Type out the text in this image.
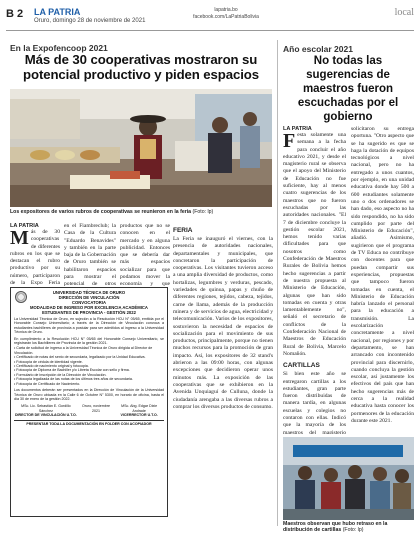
B 2 LA PATRIA
Oruro, domingo 28 de noviembre de 2021
lapatria.bo
facebook.com/LaPatriaBolivia	local
En la Expofencoop 2021
Más de 30 cooperativas mostraron su potencial productivo y piden espacios
Los expositores de varios rubros de cooperativas se reunieron en la feria (Foto: lp)
LA PATRIA
M ás de 30 cooperativas de diferentes rubros en los que se destacan el rubro productivo por su número, participaron de la Expo Feria
en el Fiambreclub; la Casa de la Cultura "Eduardo Benavides" y también en la parte baja de la Gobernación de Oruro también se habilitaron espacios para mostrar el potencial de otros
productos que no se conocen en el mercado y en alguna publicidad. Entonces que se debería dar más espacios socializar para que podamos mover la economía y que
FERIA
La Feria se inauguró el viernes, con la presencia de autoridades nacionales, departamentales y municipales, que concretaron la participación de cooperativas. Los visitantes tuvieron acceso a una amplia diversidad de productos, como hortalizas, legumbres y verduras, pescado, variedades de quinua, papas y chuño de diferentes regiones, tejidos, cabeza, tejidos, carne de llama, además de la producción minera y de servicios de agua, electricidad y telecomunicación. Varios de los expositores, sostuvieron la necesidad de espacios de socialización para el movimiento de sus productos, principalmente, porque no tienen muchos recursos para la promoción de gran impacto. Así, los expositores de 32 stand's abrieron a las 09:00 horas, con algunas excepciones que decidieron operar unos minutos más. La exposición de las cooperativas que se exhibieron en la Avenida Unquiaguí de Culluna, donde la ciudadanía arengaba a las diversas rubros a comprar los diversos productos de consumo.
UNIVERSIDAD TÉCNICA DE ORURO
DIRECCIÓN DE VINCULACIÓN
CONVOCATORIA
MODALIDAD DE INGRESO POR EXCELENCIA ACADÉMICA
ESTUDIANTES DE PROVINCIA - GESTIÓN 2022
La Universidad Técnica de Oruro, en sujeción a la Resolución HCU N° 05/65, emitida por el Honorable Consejo Universitario; a través de la Dirección de Vinculación convoca a estudiantes bachilleres de provincia a postular para ser admitidos al ingreso a la Universidad Técnica de Oruro.
En cumplimiento a la Resolución HCU N° 05/65 del Honorable Consejo Universitario, se registrarán los Bachilleres de Provincia de la gestión 2021.
• Carta de solicitud de ingreso a la Universidad Técnica de Oruro dirigida al Director de Vinculación.
• Certificado de notas del sexto de secundaria, legalizado por la Unidad Educativa.
• Fotocopia de cédula de identidad vigente.
• Certificado de nacimiento original y fotocopia.
• Fotocopia de Diploma de Bachiller y/o Libreta Escolar con sello y firma.
• Formulario de inscripción de la Dirección de Vinculación.
• Fotocopia legalizada de las notas de los últimos tres años de secundaria.
• Fotocopia de Certificado de Nacimiento.
Los documentos deberán ser presentados en la Dirección de Vinculación de la Universidad Técnica de Oruro ubicada en la Calle 6 de Octubre N° 5300, en horario de oficina, hasta el día 30 de enero de la gestión 2022.
MSc. Lic. Sebastián E. Gordillo Sánchez
DIRECTOR DE VINCULACIÓN U.T.O.
Oruro, noviembre 2021
MSc. Abg. Edgar Dixie Andrade
VICERRECTOR U.T.O.
PRESENTAR TODA LA DOCUMENTACIÓN EN FOLDER CON ACOPIADOR
Año escolar 2021
No todas las sugerencias de maestros fueron escuchadas por el gobierno
LA PATRIA
F esta solamente una semana a la fecha para concluir el año educativo 2021, y desde el magisterio rural se observa que el apoyo del Ministerio de Educación no fue suficiente, hay al menos cuatro sugerencias de los maestros que no fueron escuchadas por las autoridades nacionales. "El 7 de diciembre concluye la gestión escolar 2021, hemos tenido varias dificultades para que nosotros como Confederación de Maestros Rurales de Bolivia hemos hecho sugerencias a partir de nuestra propuesta al Ministerio de Educación, algunas que han sido tomadas en cuenta y otras lamentablemente no", señaló el secretario de conflictos de la Confederación Nacional de Maestros de Educación Rural de Bolivia, Marcelo Nomañón.
CARTILLAS
Si bien este año se entregaron cartillas a los estudiantes, gran parte fueron distribuidas de manera tardía, en algunas escuelas y colegios no contaron con ellas. Indicó que la mayoría de los maestros del magisterio
solicitaron su entrega oportuna. "Otro aspecto que se ha sugerido es que se haga la dotación de equipos tecnológicos a nivel nacional, pero no ha entregado a unos cuantos, por ejemplo, en una unidad educativa donde hay 500 a 600 estudiantes solamente uno o dos ordenadores se han dado, eso aspecto no ha sido respondido, no ha sido cumplido por parte del Ministerio de Educación", añadió. Asimismo, sugirieron que el programa de TV Educa no contribuye con docentes para que puedan compartir sus experiencias, propuestas que tampoco fueron tomadas en cuenta, el Ministerio de Educación habría lanzado el personal para la educación a transmisión. La escolarización concretamente a nivel nacional, por regiones y por departamento, se han arrancado con incontenido provincial para discernirlo, cuando concluya la gestión escolar, así justamente los efectivos del país que han hecho sugerencias más de cerca a la realidad educativa hasta conocer los pormenores de la educación durante este 2021.
Maestros observan que hubo retraso en la distribución de cartillas (Foto: lp)
